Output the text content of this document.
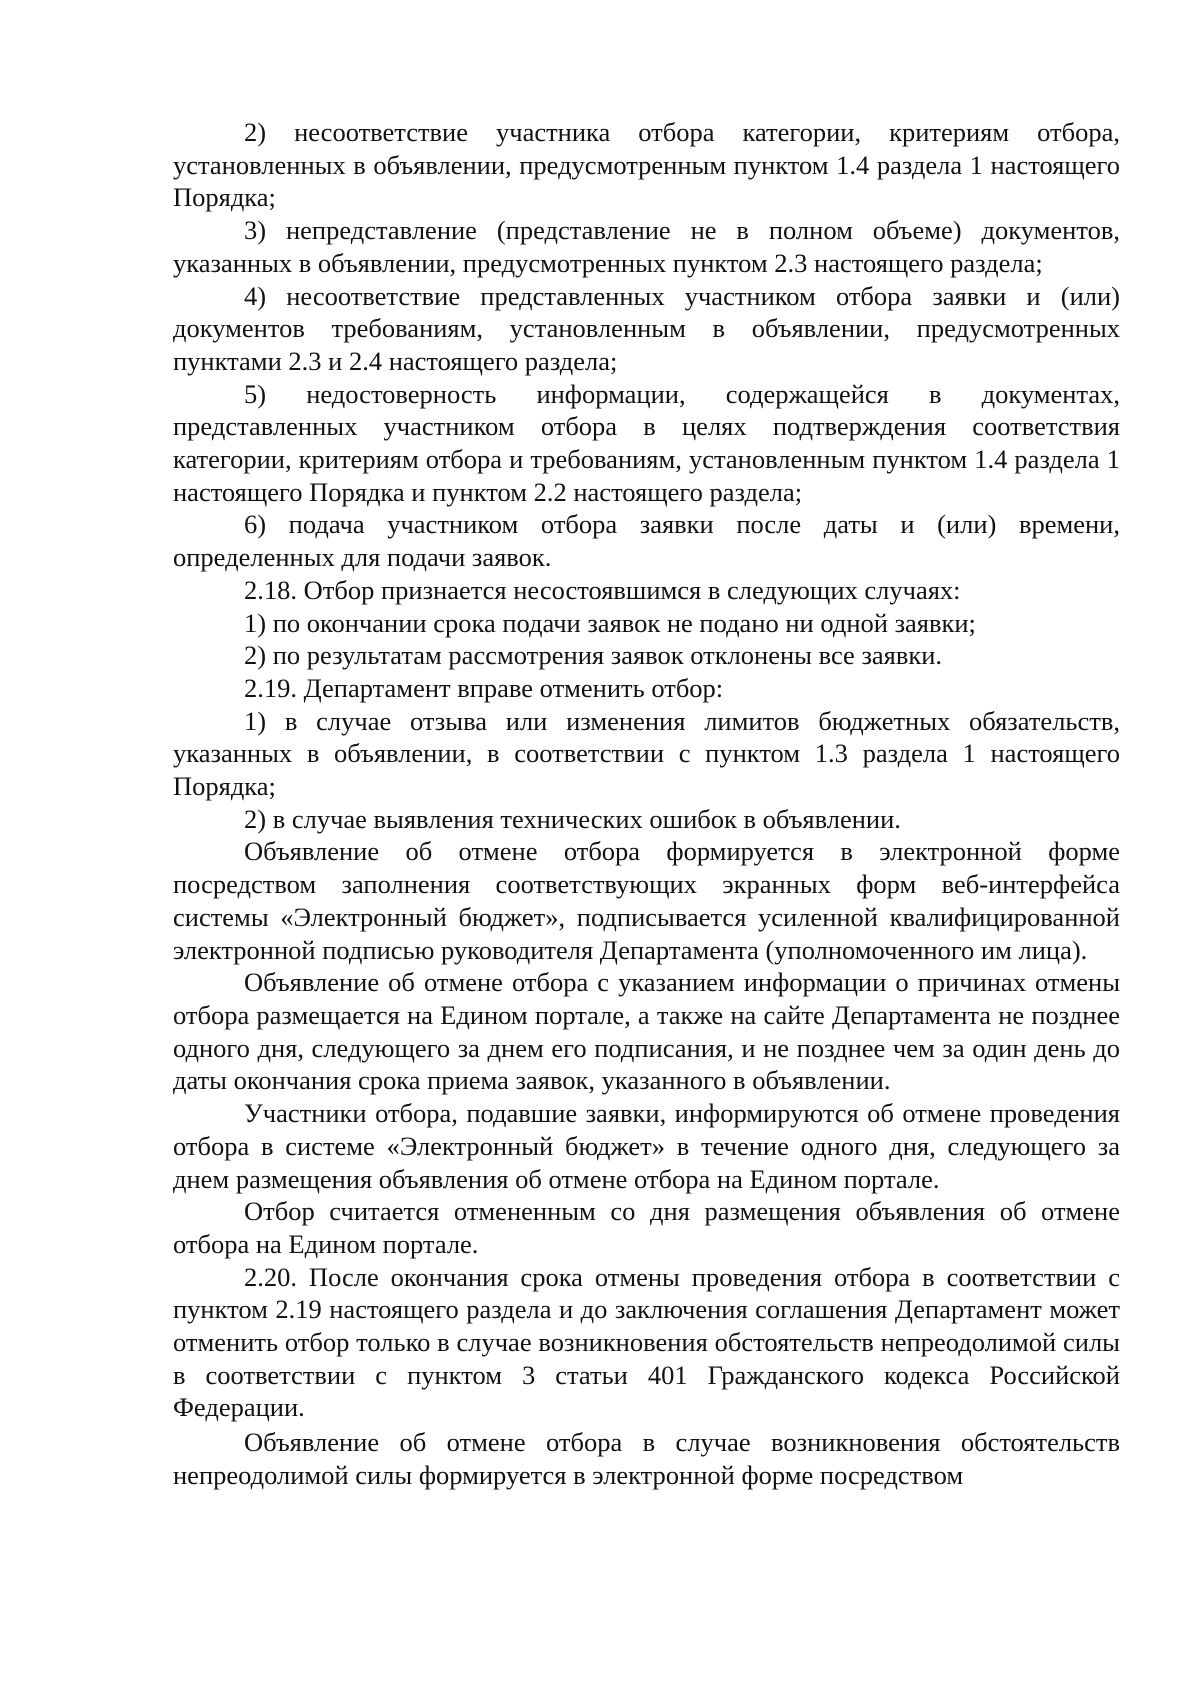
2) несоответствие участника отбора категории, критериям отбора, установленных в объявлении, предусмотренным пунктом 1.4 раздела 1 настоящего Порядка;

3) непредставление (представление не в полном объеме) документов, указанных в объявлении, предусмотренных пунктом 2.3 настоящего раздела;

4) несоответствие представленных участником отбора заявки и (или) документов требованиям, установленным в объявлении, предусмотренных пунктами 2.3 и 2.4 настоящего раздела;

5) недостоверность информации, содержащейся в документах, представленных участником отбора в целях подтверждения соответствия категории, критериям отбора и требованиям, установленным пунктом 1.4 раздела 1 настоящего Порядка и пунктом 2.2 настоящего раздела;

6) подача участником отбора заявки после даты и (или) времени, определенных для подачи заявок.

2.18. Отбор признается несостоявшимся в следующих случаях:

1) по окончании срока подачи заявок не подано ни одной заявки;

2) по результатам рассмотрения заявок отклонены все заявки.

2.19. Департамент вправе отменить отбор:

1) в случае отзыва или изменения лимитов бюджетных обязательств, указанных в объявлении, в соответствии с пунктом 1.3 раздела 1 настоящего Порядка;

2) в случае выявления технических ошибок в объявлении.

Объявление об отмене отбора формируется в электронной форме посредством заполнения соответствующих экранных форм веб-интерфейса системы «Электронный бюджет», подписывается усиленной квалифицированной электронной подписью руководителя Департамента (уполномоченного им лица).

Объявление об отмене отбора с указанием информации о причинах отмены отбора размещается на Едином портале, а также на сайте Департамента не позднее одного дня, следующего за днем его подписания, и не позднее чем за один день до даты окончания срока приема заявок, указанного в объявлении.

Участники отбора, подавшие заявки, информируются об отмене проведения отбора в системе «Электронный бюджет» в течение одного дня, следующего за днем размещения объявления об отмене отбора на Едином портале.

Отбор считается отмененным со дня размещения объявления об отмене отбора на Едином портале.

2.20. После окончания срока отмены проведения отбора в соответствии с пунктом 2.19 настоящего раздела и до заключения соглашения Департамент может отменить отбор только в случае возникновения обстоятельств непреодолимой силы в соответствии с пунктом 3 статьи 401 Гражданского кодекса Российской Федерации.

Объявление об отмене отбора в случае возникновения обстоятельств непреодолимой силы формируется в электронной форме посредством
